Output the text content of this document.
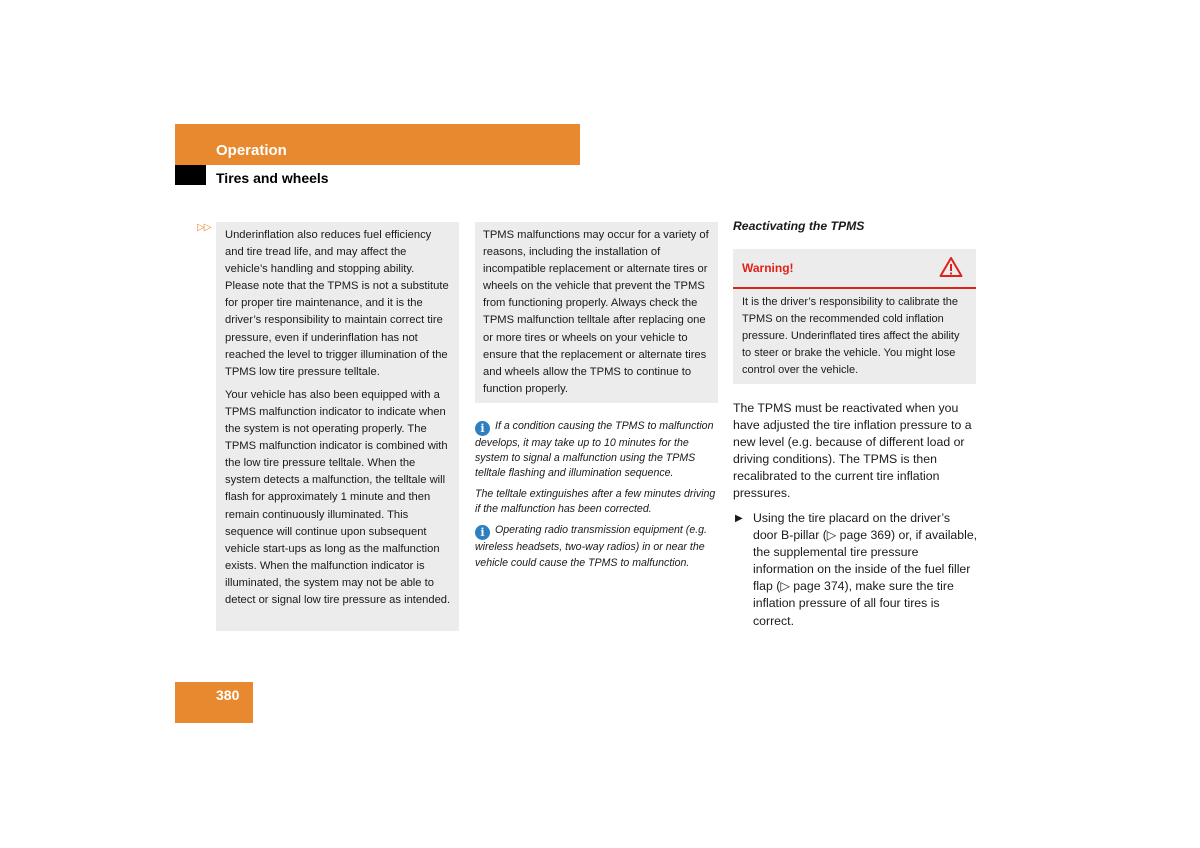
Operation
Tires and wheels
▷▷

Underinflation also reduces fuel efficiency and tire tread life, and may affect the vehicle’s handling and stopping ability. Please note that the TPMS is not a substitute for proper tire maintenance, and it is the driver’s responsibility to maintain correct tire pressure, even if underinflation has not reached the level to trigger illumination of the TPMS low tire pressure telltale.

Your vehicle has also been equipped with a TPMS malfunction indicator to indicate when the system is not operating properly. The TPMS malfunction indicator is combined with the low tire pressure telltale. When the system detects a malfunction, the telltale will flash for approximately 1 minute and then remain continuously illuminated. This sequence will continue upon subsequent vehicle start-ups as long as the malfunction exists. When the malfunction indicator is illuminated, the system may not be able to detect or signal low tire pressure as intended.

TPMS malfunctions may occur for a variety of reasons, including the installation of incompatible replacement or alternate tires or wheels on the vehicle that prevent the TPMS from functioning properly. Always check the TPMS malfunction telltale after replacing one or more tires or wheels on your vehicle to ensure that the replacement or alternate tires and wheels allow the TPMS to continue to function properly.

i If a condition causing the TPMS to malfunction develops, it may take up to 10 minutes for the system to signal a malfunction using the TPMS telltale flashing and illumination sequence.

The telltale extinguishes after a few minutes driving if the malfunction has been corrected.

i Operating radio transmission equipment (e.g. wireless headsets, two-way radios) in or near the vehicle could cause the TPMS to malfunction.

Reactivating the TPMS
Warning!
It is the driver’s responsibility to calibrate the TPMS on the recommended cold inflation pressure. Underinflated tires affect the ability to steer or brake the vehicle. You might lose control over the vehicle.

The TPMS must be reactivated when you have adjusted the tire inflation pressure to a new level (e.g. because of different load or driving conditions). The TPMS is then recalibrated to the current tire inflation pressures.

▶ Using the tire placard on the driver’s door B-pillar (▷ page 369) or, if available, the supplemental tire pressure information on the inside of the fuel filler flap (▷ page 374), make sure the tire inflation pressure of all four tires is correct.

380
